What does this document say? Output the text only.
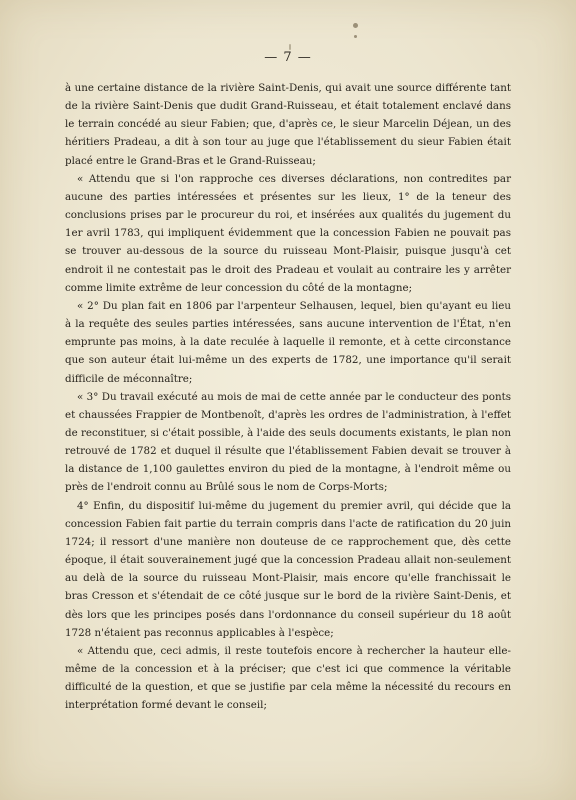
— 7 —

à une certaine distance de la rivière Saint-Denis, qui avait une source différente tant de la rivière Saint-Denis que dudit Grand-Ruisseau, et était totalement enclavé dans le terrain concédé au sieur Fabien; que, d'après ce, le sieur Marcelin Déjean, un des héritiers Pradeau, a dit à son tour au juge que l'établissement du sieur Fabien était placé entre le Grand-Bras et le Grand-Ruisseau;

« Attendu que si l'on rapproche ces diverses déclarations, non contredites par aucune des parties intéressées et présentes sur les lieux, 1° de la teneur des conclusions prises par le procureur du roi, et insérées aux qualités du jugement du 1er avril 1783, qui impliquent évidemment que la concession Fabien ne pouvait pas se trouver au-dessous de la source du ruisseau Mont-Plaisir, puisque jusqu'à cet endroit il ne contestait pas le droit des Pradeau et voulait au contraire les y arrêter comme limite extrême de leur concession du côté de la montagne;

« 2° Du plan fait en 1806 par l'arpenteur Selhausen, lequel, bien qu'ayant eu lieu à la requête des seules parties intéressées, sans aucune intervention de l'État, n'en emprunte pas moins, à la date reculée à laquelle il remonte, et à cette circonstance que son auteur était lui-même un des experts de 1782, une importance qu'il serait difficile de méconnaître;

« 3° Du travail exécuté au mois de mai de cette année par le conducteur des ponts et chaussées Frappier de Montbenoît, d'après les ordres de l'administration, à l'effet de reconstituer, si c'était possible, à l'aide des seuls documents existants, le plan non retrouvé de 1782 et duquel il résulte que l'établissement Fabien devait se trouver à la distance de 1,100 gaulettes environ du pied de la montagne, à l'endroit même ou près de l'endroit connu au Brûlé sous le nom de Corps-Morts;

4° Enfin, du dispositif lui-même du jugement du premier avril, qui décide que la concession Fabien fait partie du terrain compris dans l'acte de ratification du 20 juin 1724; il ressort d'une manière non douteuse de ce rapprochement que, dès cette époque, il était souverainement jugé que la concession Pradeau allait non-seulement au delà de la source du ruisseau Mont-Plaisir, mais encore qu'elle franchissait le bras Cresson et s'étendait de ce côté jusque sur le bord de la rivière Saint-Denis, et dès lors que les principes posés dans l'ordonnance du conseil supérieur du 18 août 1728 n'étaient pas reconnus applicables à l'espèce;

« Attendu que, ceci admis, il reste toutefois encore à rechercher la hauteur elle-même de la concession et à la préciser; que c'est ici que commence la véritable difficulté de la question, et que se justifie par cela même la nécessité du recours en interprétation formé devant le conseil;
